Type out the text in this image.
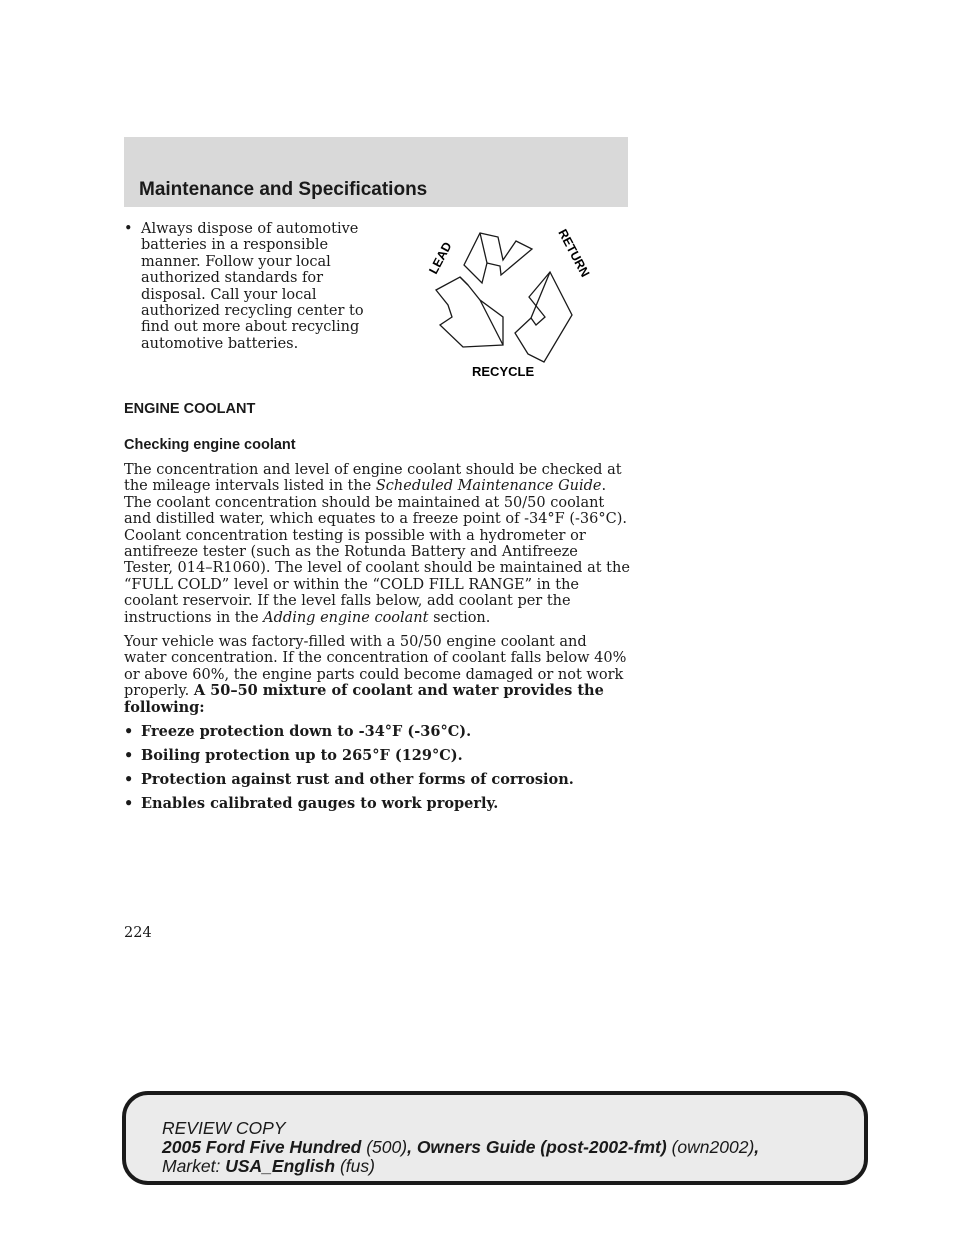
Maintenance and Specifications
• Always dispose of automotive batteries in a responsible manner. Follow your local authorized standards for disposal. Call your local authorized recycling center to find out more about recycling automotive batteries.
LEAD	RETURN
RECYCLE
ENGINE COOLANT
Checking engine coolant

The concentration and level of engine coolant should be checked at the mileage intervals listed in the Scheduled Maintenance Guide. The coolant concentration should be maintained at 50/50 coolant and distilled water, which equates to a freeze point of -34°F (-36°C). Coolant concentration testing is possible with a hydrometer or antifreeze tester (such as the Rotunda Battery and Antifreeze Tester, 014–R1060). The level of coolant should be maintained at the “FULL COLD” level or within the “COLD FILL RANGE” in the coolant reservoir. If the level falls below, add coolant per the instructions in the Adding engine coolant section.

Your vehicle was factory-filled with a 50/50 engine coolant and water concentration. If the concentration of coolant falls below 40% or above 60%, the engine parts could become damaged or not work properly. A 50–50 mixture of coolant and water provides the following:

• Freeze protection down to -34°F (-36°C).
• Boiling protection up to 265°F (129°C).
• Protection against rust and other forms of corrosion.
• Enables calibrated gauges to work properly.
224
REVIEW COPY
2005 Ford Five Hundred (500), Owners Guide (post-2002-fmt) (own2002),
Market: USA_English (fus)
